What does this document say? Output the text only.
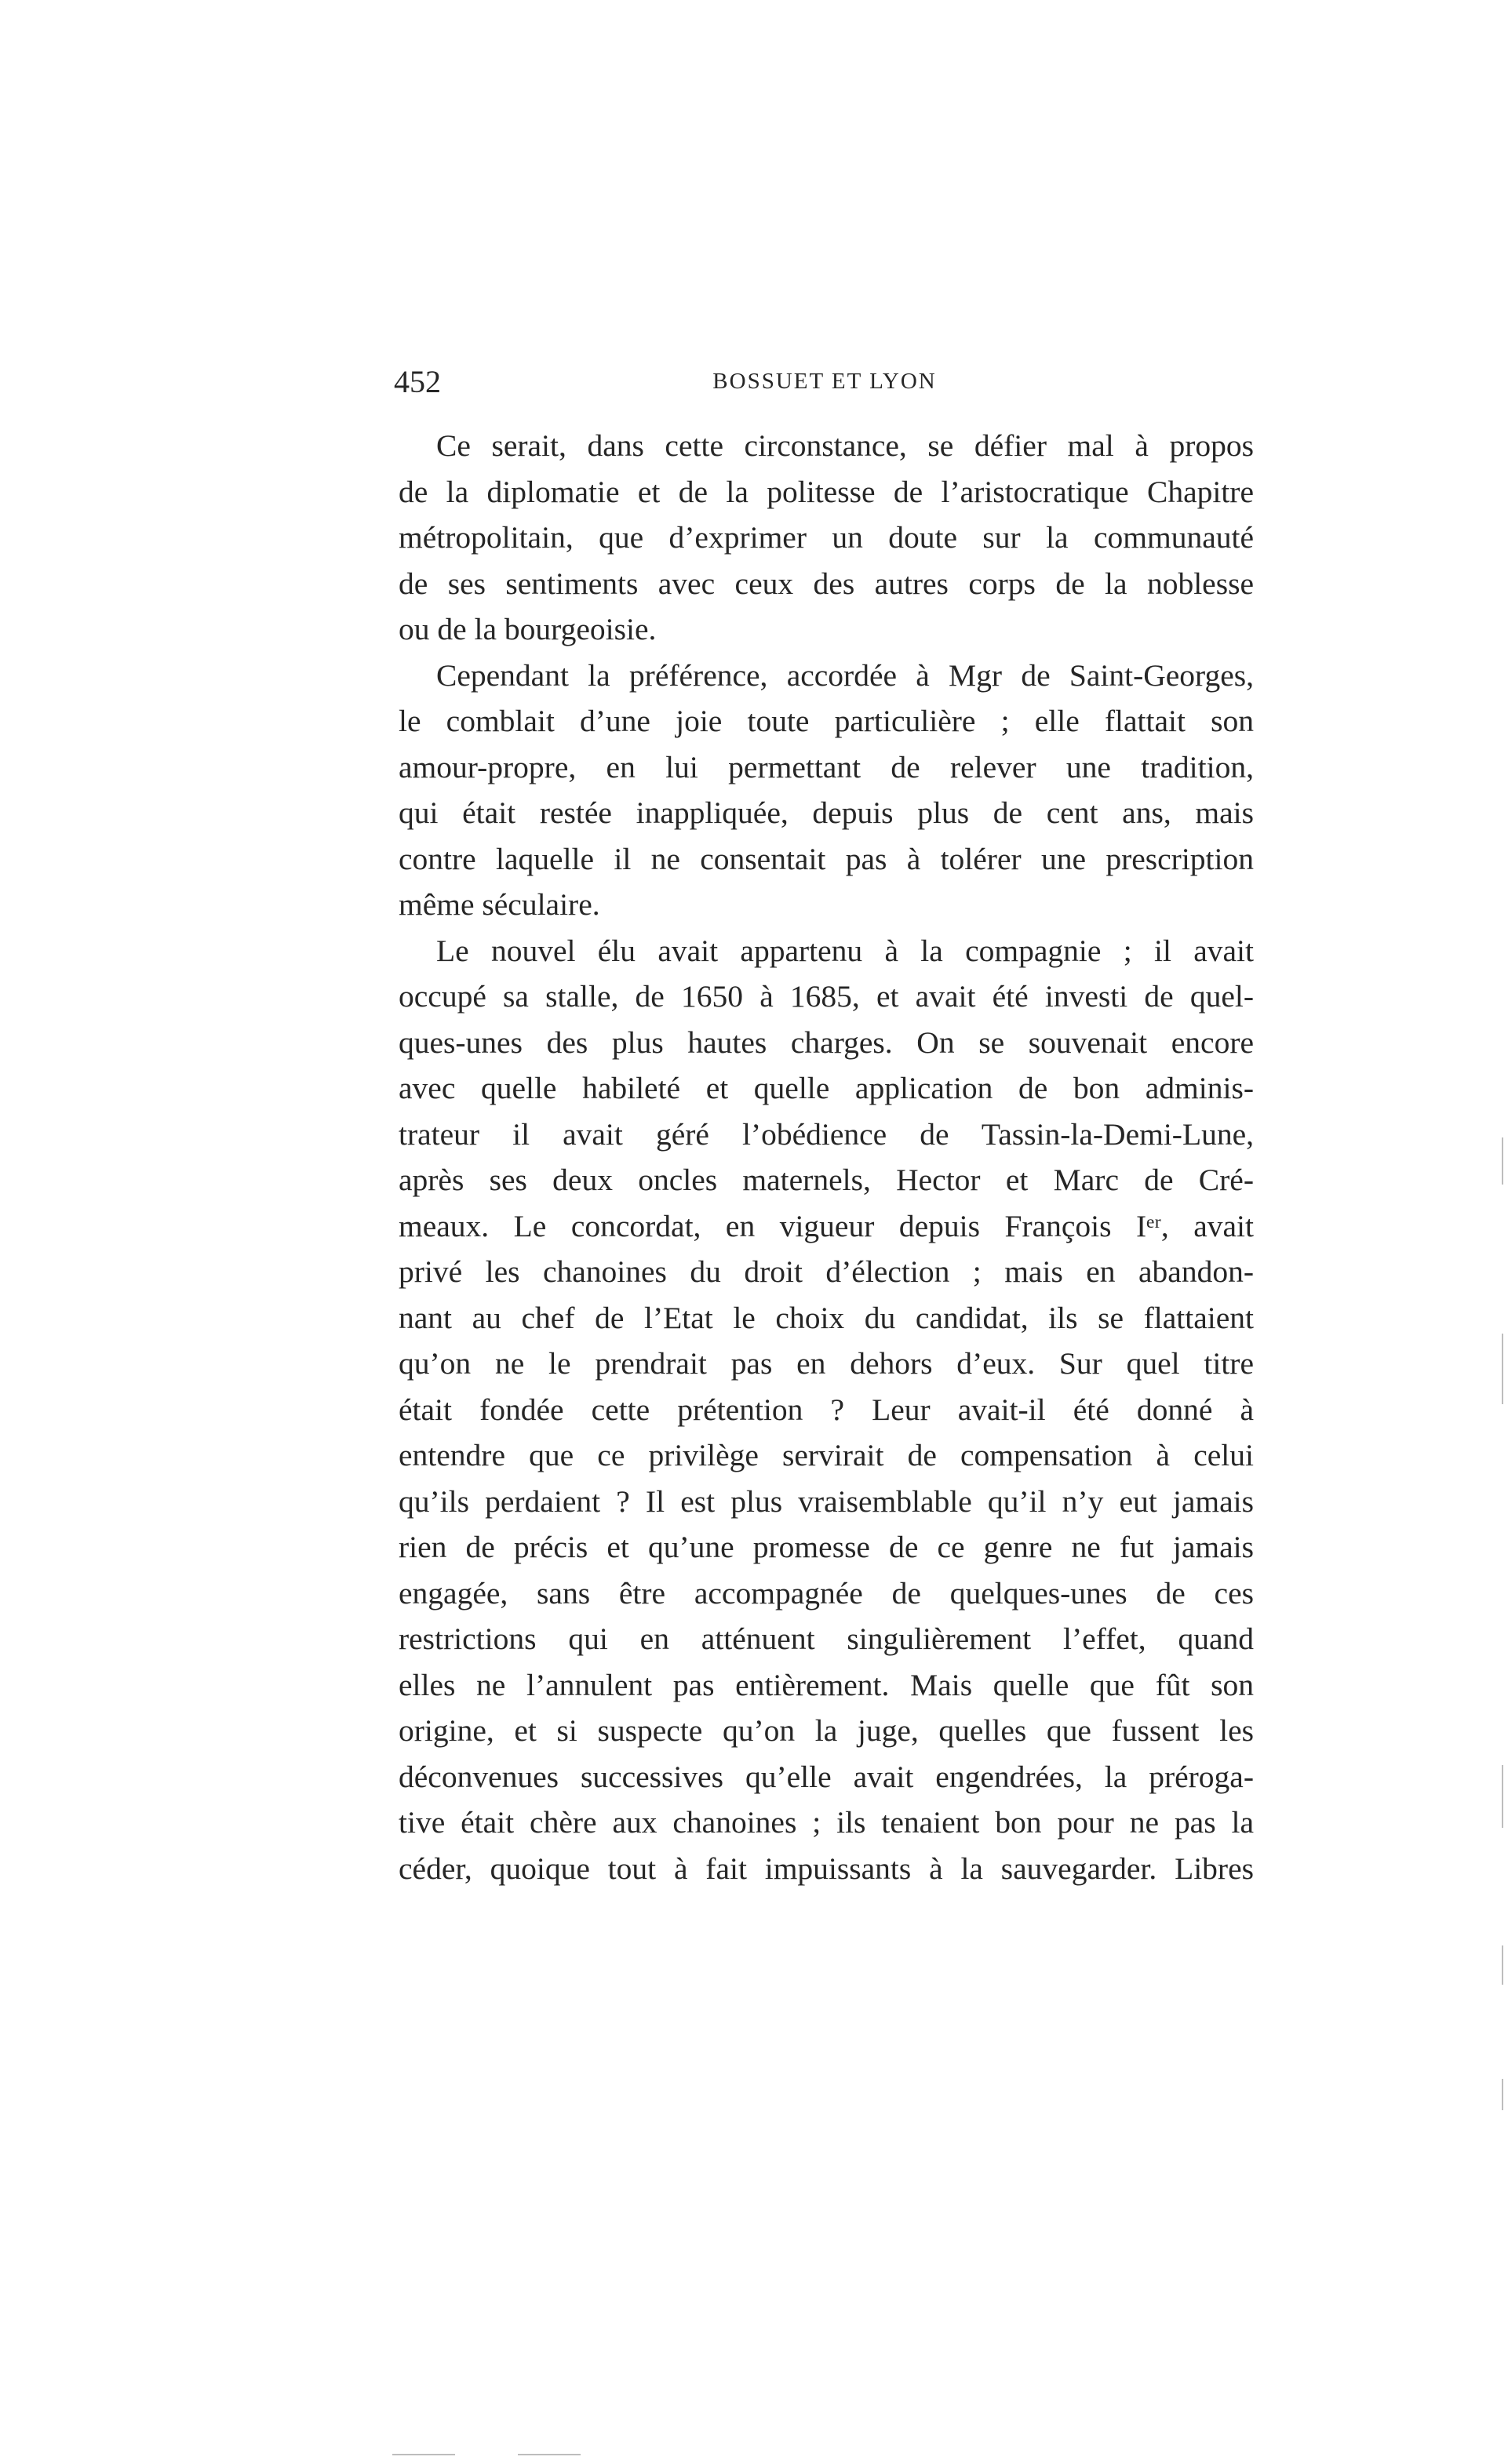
452	BOSSUET ET LYON
Ce serait, dans cette circonstance, se défier mal à propos
de la diplomatie et de la politesse de l’aristocratique Chapitre
métropolitain, que d’exprimer un doute sur la communauté
de ses sentiments avec ceux des autres corps de la noblesse
ou de la bourgeoisie.
Cependant la préférence, accordée à Mgr de Saint-Georges,
le comblait d’une joie toute particulière ; elle flattait son
amour-propre, en lui permettant de relever une tradition,
qui était restée inappliquée, depuis plus de cent ans, mais
contre laquelle il ne consentait pas à tolérer une prescription
même séculaire.
Le nouvel élu avait appartenu à la compagnie ; il avait
occupé sa stalle, de 1650 à 1685, et avait été investi de quel-
ques-unes des plus hautes charges. On se souvenait encore
avec quelle habileté et quelle application de bon adminis-
trateur il avait géré l’obédience de Tassin-la-Demi-Lune,
après ses deux oncles maternels, Hector et Marc de Cré-
meaux. Le concordat, en vigueur depuis François Iᵉʳ, avait
privé les chanoines du droit d’élection ; mais en abandon-
nant au chef de l’Etat le choix du candidat, ils se flattaient
qu’on ne le prendrait pas en dehors d’eux. Sur quel titre
était fondée cette prétention ? Leur avait-il été donné à
entendre que ce privilège servirait de compensation à celui
qu’ils perdaient ? Il est plus vraisemblable qu’il n’y eut jamais
rien de précis et qu’une promesse de ce genre ne fut jamais
engagée, sans être accompagnée de quelques-unes de ces
restrictions qui en atténuent singulièrement l’effet, quand
elles ne l’annulent pas entièrement. Mais quelle que fût son
origine, et si suspecte qu’on la juge, quelles que fussent les
déconvenues successives qu’elle avait engendrées, la préroga-
tive était chère aux chanoines ; ils tenaient bon pour ne pas la
céder, quoique tout à fait impuissants à la sauvegarder. Libres
